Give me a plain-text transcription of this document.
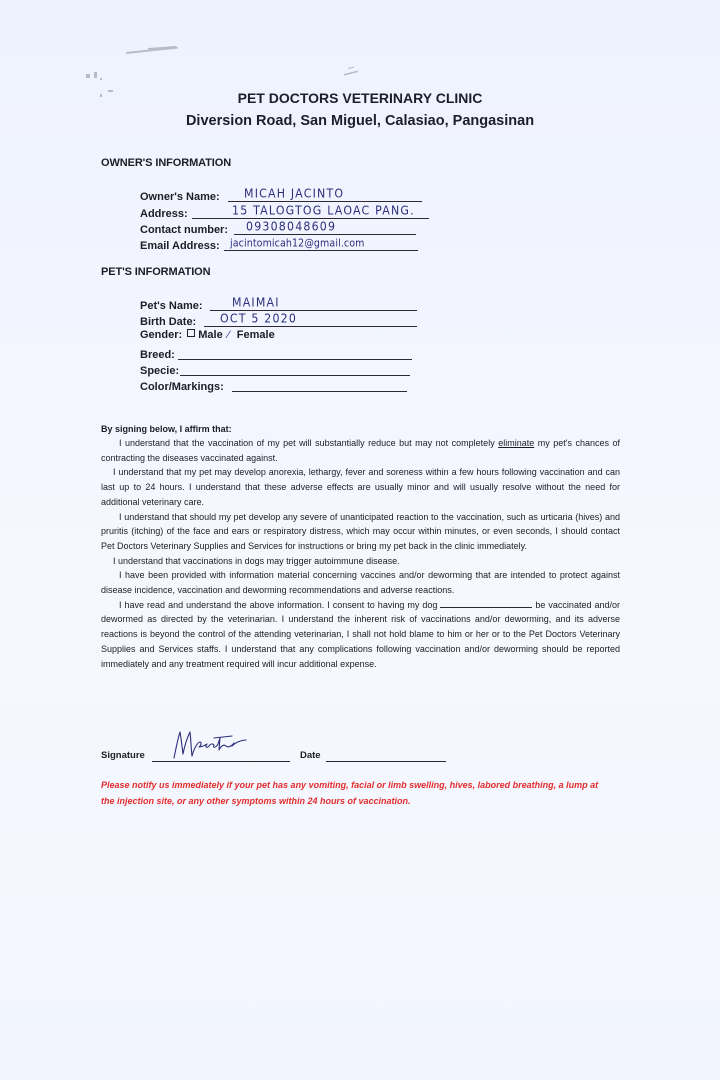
PET DOCTORS VETERINARY CLINIC
Diversion Road, San Miguel, Calasiao, Pangasinan
OWNER'S INFORMATION
Owner's Name: MICAH JACINTO
Address:	15 TALOGTOG LAOAC PANG.
Contact number: 09308048609
Email Address: jacintomicah12@gmail.com
PET'S INFORMATION
Pet's Name:	MAIMAI
Birth Date: OCT 5 2020
Gender: Male ⁄ Female
Breed:
Specie:
Color/Markings:
By signing below, I affirm that:

I understand that the vaccination of my pet will substantially reduce but may not completely eliminate my pet's chances of contracting the diseases vaccinated against.

I understand that my pet may develop anorexia, lethargy, fever and soreness within a few hours following vaccination and can last up to 24 hours. I understand that these adverse effects are usually minor and will usually resolve without the need for additional veterinary care.

I understand that should my pet develop any severe of unanticipated reaction to the vaccination, such as urticaria (hives) and pruritis (itching) of the face and ears or respiratory distress, which may occur within minutes, or even seconds, I should contact Pet Doctors Veterinary Supplies and Services for instructions or bring my pet back in the clinic immediately.

I understand that vaccinations in dogs may trigger autoimmune disease.

I have been provided with information material concerning vaccines and/or deworming that are intended to protect against disease incidence, vaccination and deworming recommendations and adverse reactions.

I have read and understand the above information. I consent to having my dog	be vaccinated and/or dewormed as directed by the veterinarian. I understand the inherent risk of vaccinations and/or deworming, and its adverse reactions is beyond the control of the attending veterinarian, I shall not hold blame to him or her or to the Pet Doctors Veterinary Supplies and Services staffs. I understand that any complications following vaccination and/or deworming should be reported immediately and any treatment required will incur additional expense.

Signature	Date
Please notify us immediately if your pet has any vomiting, facial or limb swelling, hives, labored breathing, a lump at the injection site, or any other symptoms within 24 hours of vaccination.
